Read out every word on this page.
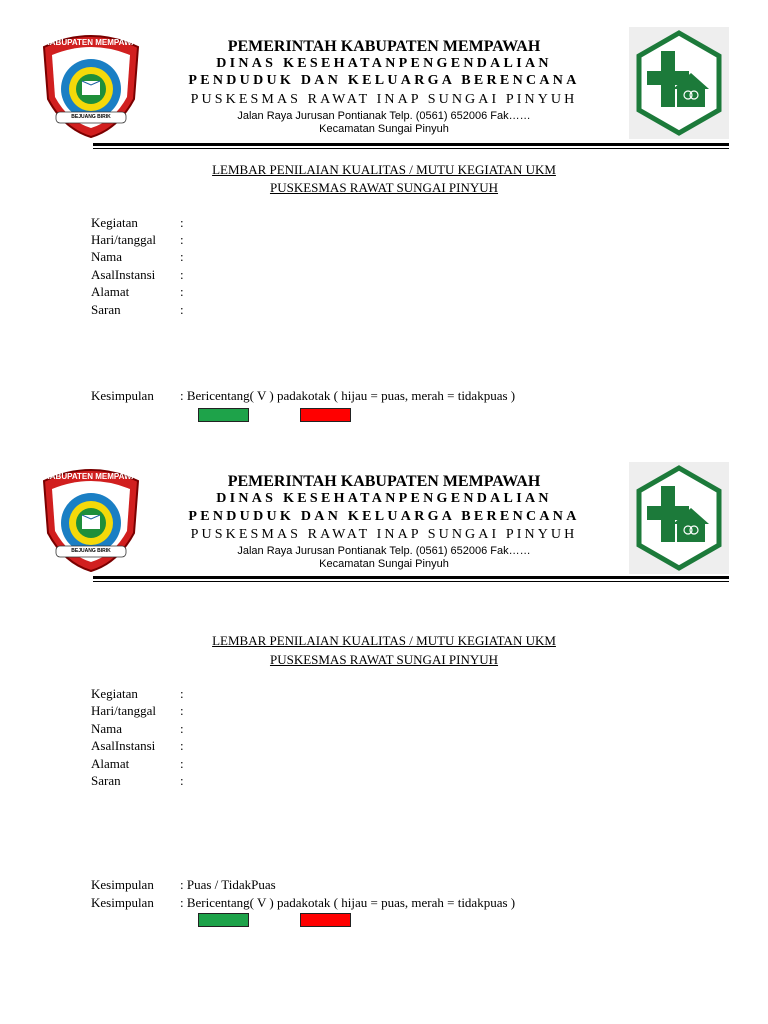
KABUPATEN MEMPAWAH
BEJUANG BIRIK
PEMERINTAH KABUPATEN MEMPAWAH
DINAS KESEHATANPENGENDALIAN
PENDUDUK DAN KELUARGA BERENCANA
PUSKESMAS RAWAT INAP SUNGAI PINYUH
Jalan Raya Jurusan Pontianak Telp. (0561) 652006 Fak……
Kecamatan Sungai Pinyuh
LEMBAR PENILAIAN KUALITAS / MUTU KEGIATAN UKM
PUSKESMAS RAWAT SUNGAI PINYUH
Kegiatan	:
Hari/tanggal :
Nama	:
AsalInstansi :
Alamat	:
Saran	:
Kesimpulan : Bericentang( V ) padakotak ( hijau = puas, merah = tidakpuas )
KABUPATEN MEMPAWAH
BEJUANG BIRIK
PEMERINTAH KABUPATEN MEMPAWAH
DINAS KESEHATANPENGENDALIAN
PENDUDUK DAN KELUARGA BERENCANA
PUSKESMAS RAWAT INAP SUNGAI PINYUH
Jalan Raya Jurusan Pontianak Telp. (0561) 652006 Fak……
Kecamatan Sungai Pinyuh
LEMBAR PENILAIAN KUALITAS / MUTU KEGIATAN UKM
PUSKESMAS RAWAT SUNGAI PINYUH
Kegiatan	:
Hari/tanggal :
Nama	:
AsalInstansi :
Alamat	:
Saran	:
Kesimpulan : Puas / TidakPuas
Kesimpulan : Bericentang( V ) padakotak ( hijau = puas, merah = tidakpuas )
